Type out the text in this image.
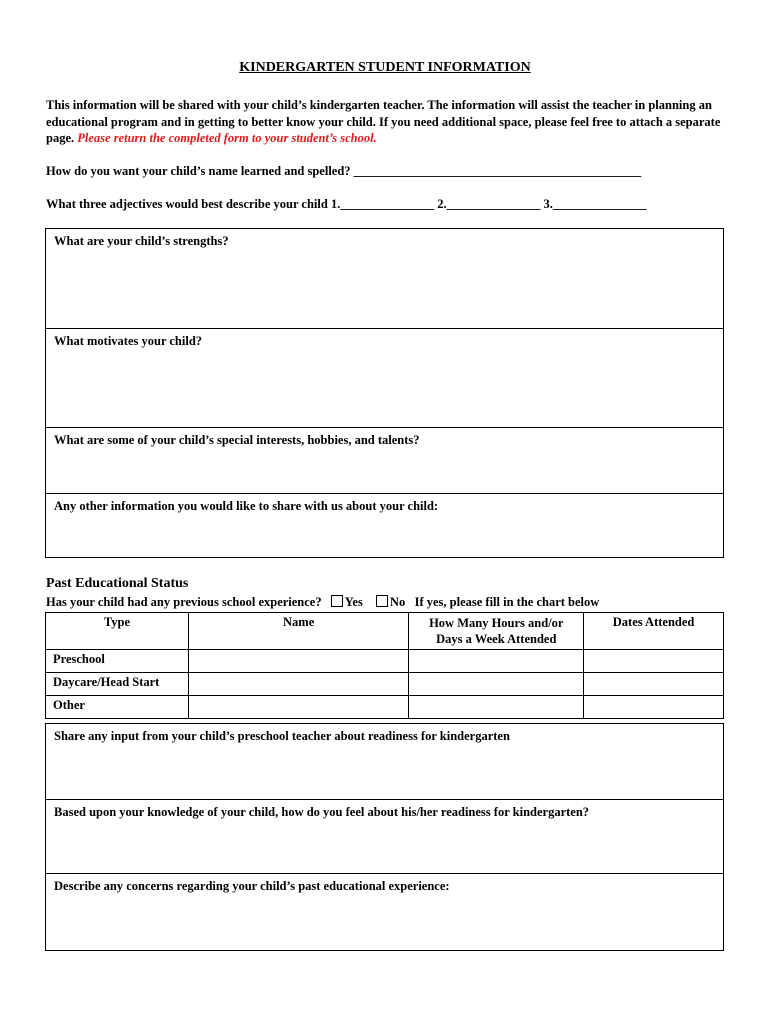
KINDERGARTEN STUDENT INFORMATION
This information will be shared with your child’s kindergarten teacher. The information will assist the teacher in planning an educational program and in getting to better know your child. If you need additional space, please feel free to attach a separate page. Please return the completed form to your student’s school.
How do you want your child’s name learned and spelled? ______________________________________________
What three adjectives would best describe your child 1._______________ 2._______________ 3._______________
What are your child’s strengths?
What motivates your child?
What are some of your child’s special interests, hobbies, and talents?
Any other information you would like to share with us about your child:
Past Educational Status
Has your child had any previous school experience? Yes No If yes, please fill in the chart below
Type	Name	How Many Hours and/or Days a Week Attended	Dates Attended
Preschool			
Daycare/Head Start			
Other			
Share any input from your child’s preschool teacher about readiness for kindergarten
Based upon your knowledge of your child, how do you feel about his/her readiness for kindergarten?
Describe any concerns regarding your child’s past educational experience:
